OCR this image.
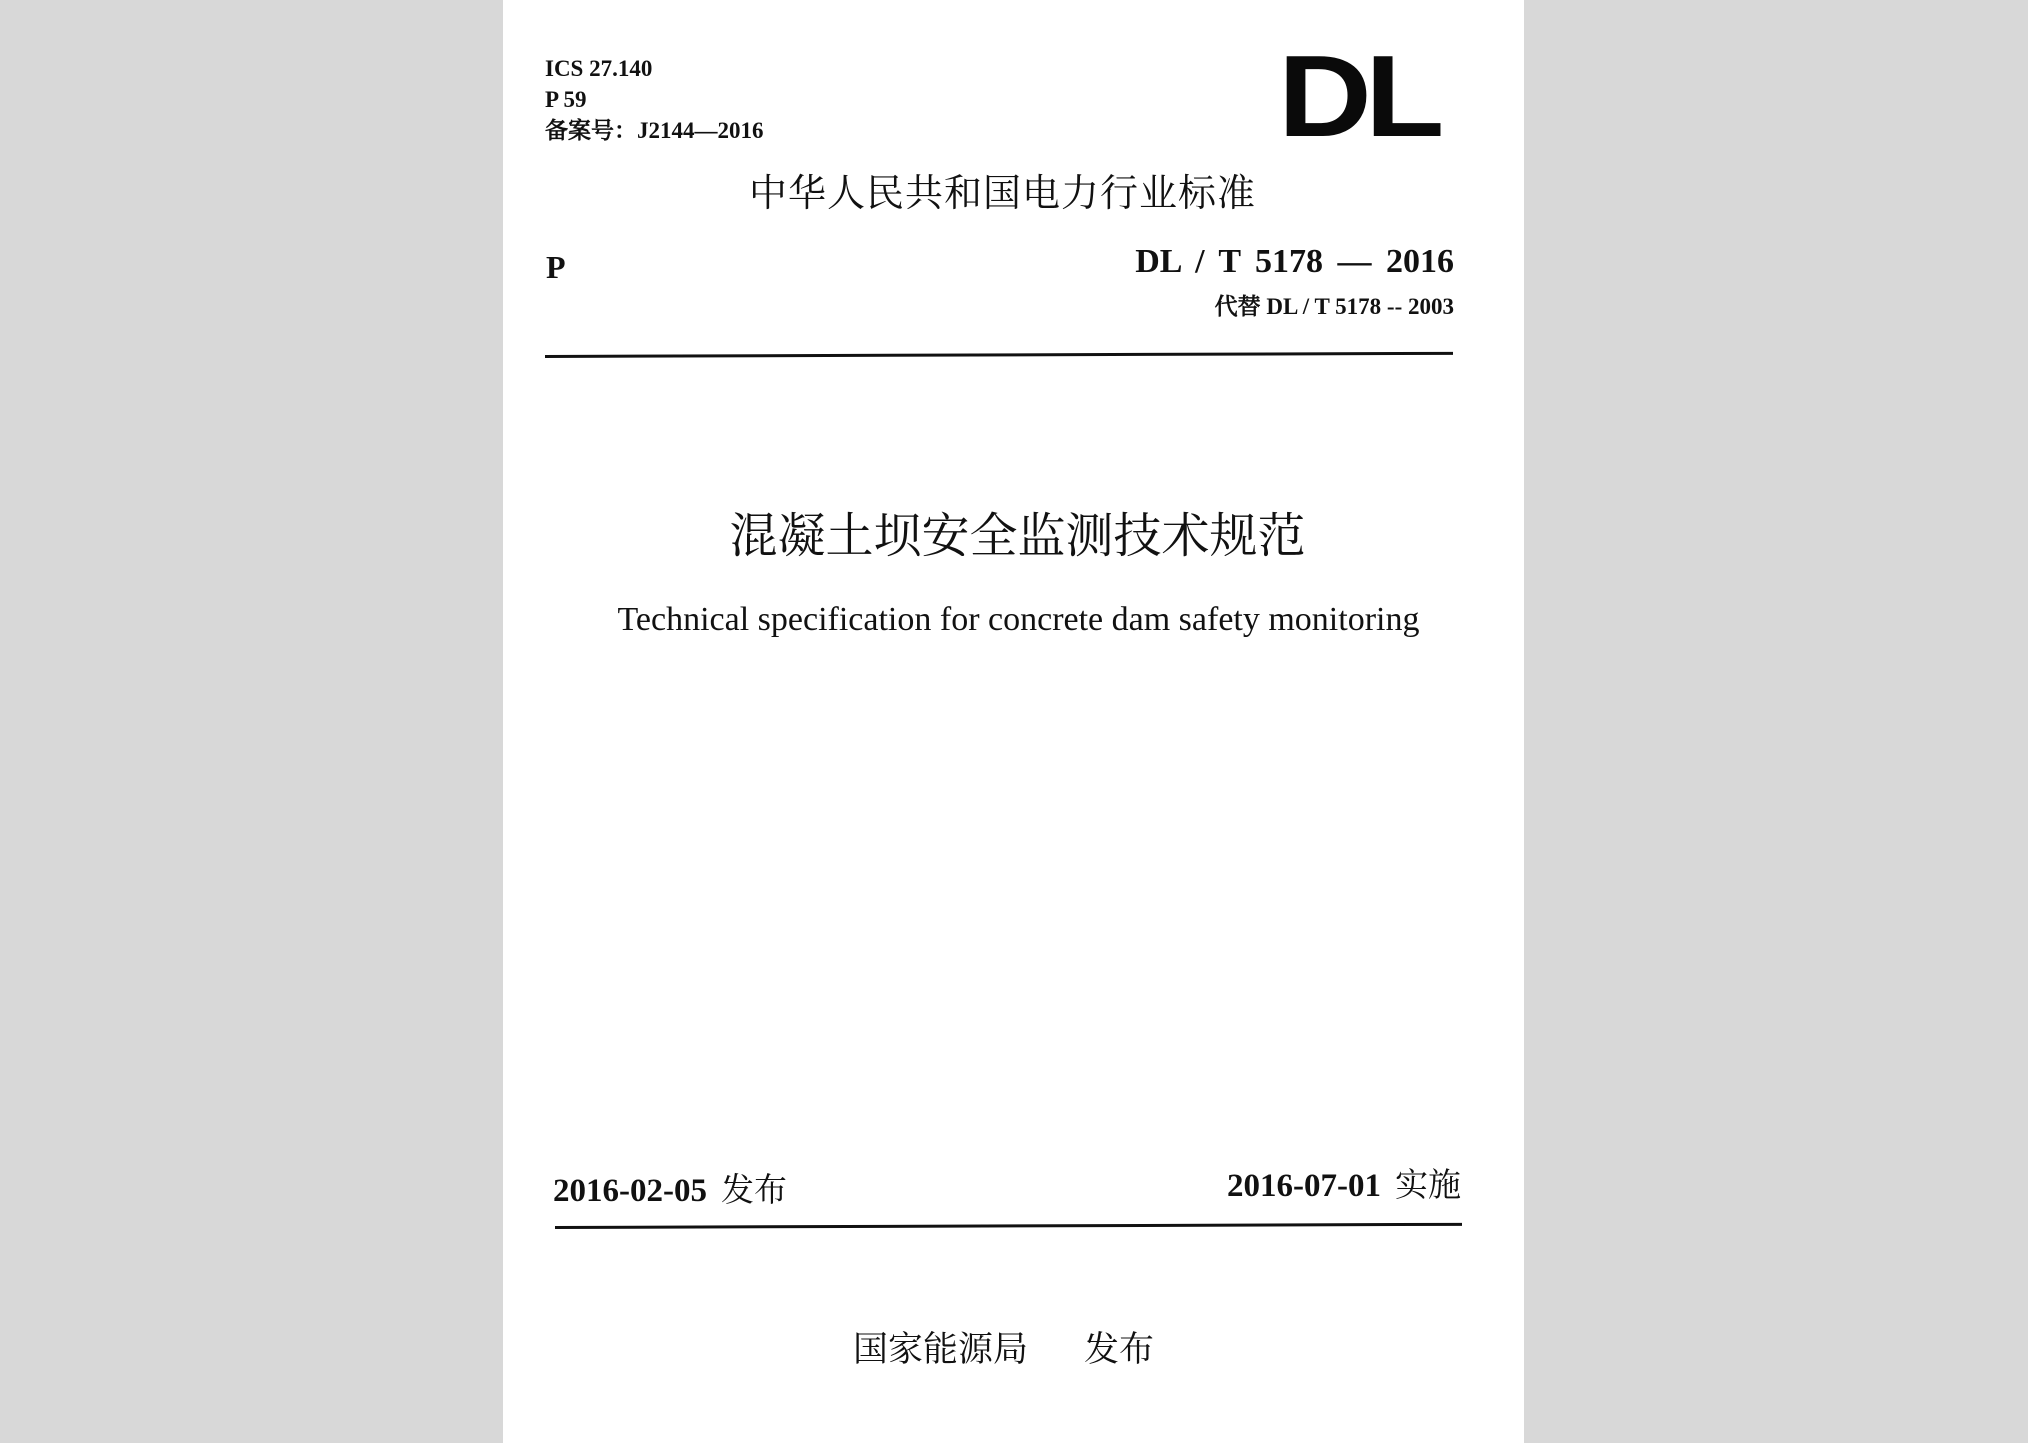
ICS 27.140
P 59
备案号：J2144—2016	DL
中华人民共和国电力行业标准
P	DL / T 5178 — 2016
代替 DL / T 5178 -- 2003
混凝土坝安全监测技术规范
Technical specification for concrete dam safety monitoring
2016-02-05 发布	2016-07-01 实施
国家能源局 发布
